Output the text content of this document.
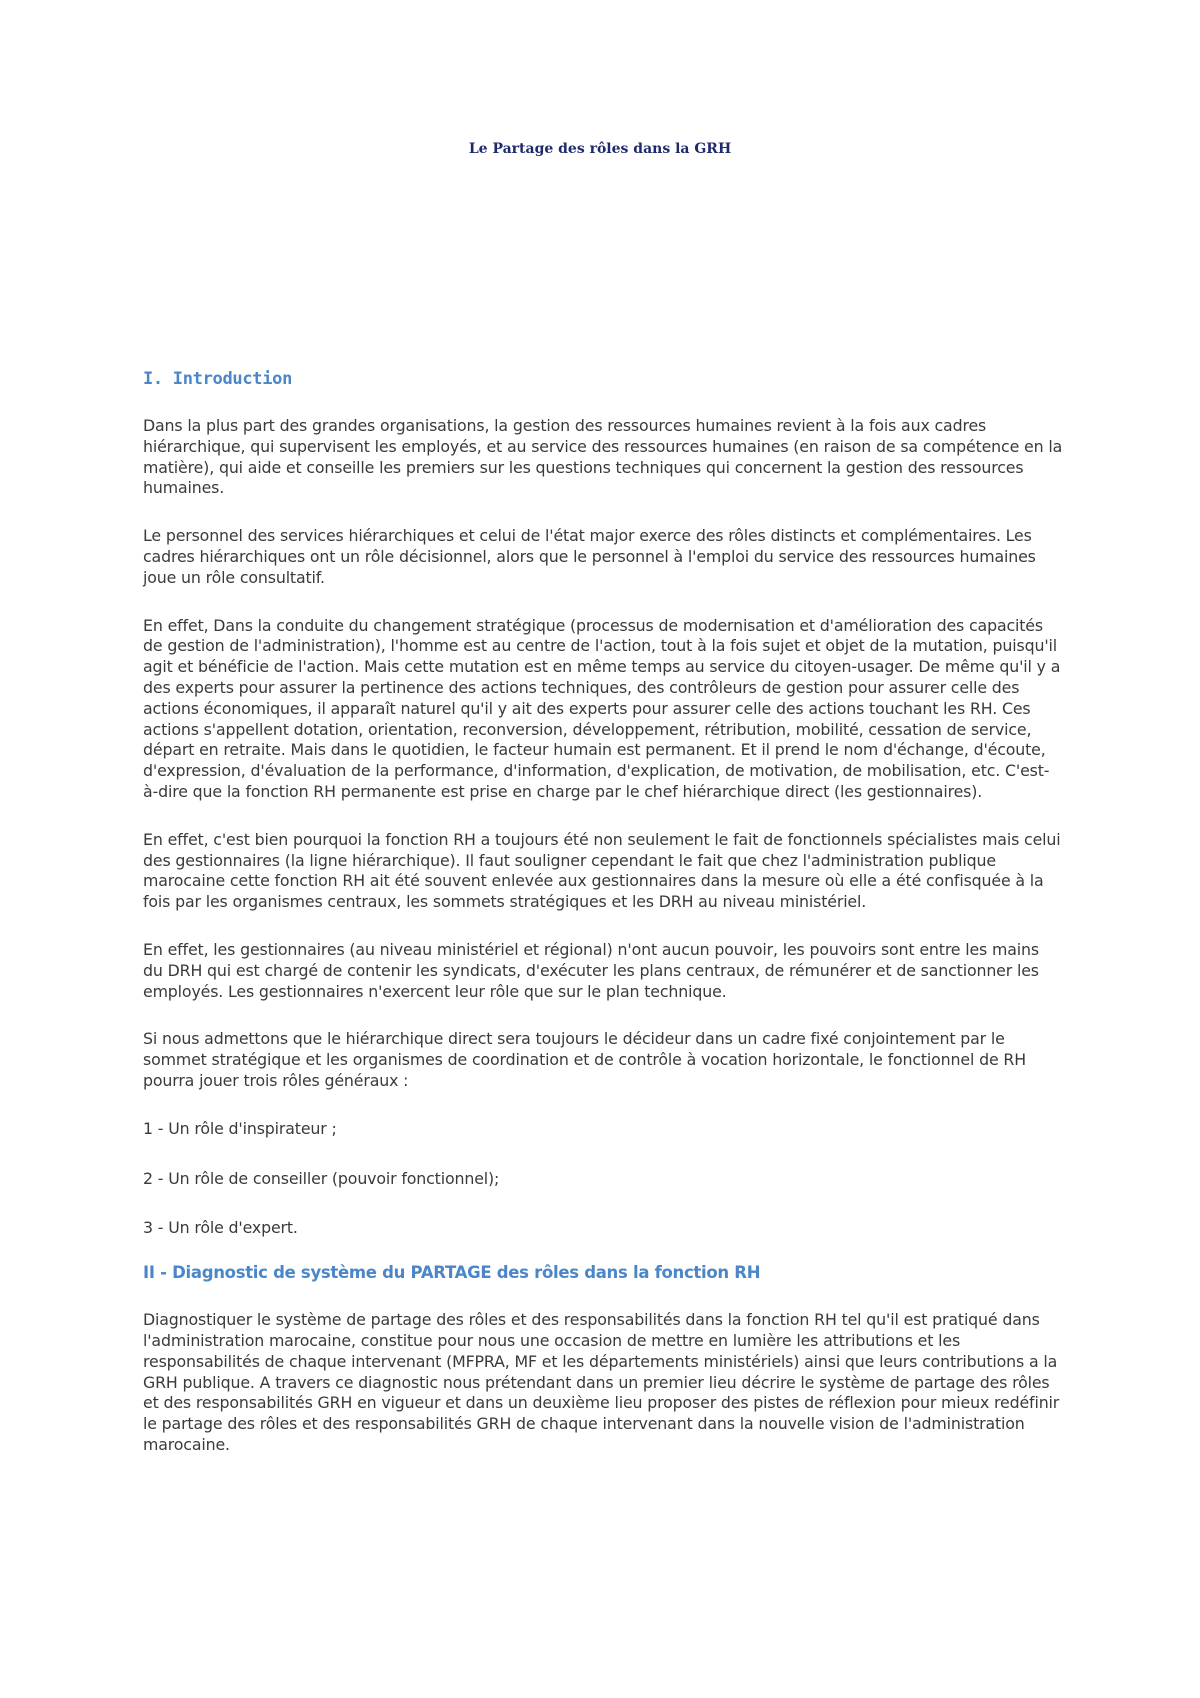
Le Partage des rôles dans la GRH
I. Introduction

Dans la plus part des grandes organisations, la gestion des ressources humaines revient à la fois aux cadres hiérarchique, qui supervisent les employés, et au service des ressources humaines (en raison de sa compétence en la matière), qui aide et conseille les premiers sur les questions techniques qui concernent la gestion des ressources humaines.

Le personnel des services hiérarchiques et celui de l'état major exerce des rôles distincts et complémentaires. Les cadres hiérarchiques ont un rôle décisionnel, alors que le personnel à l'emploi du service des ressources humaines joue un rôle consultatif.

En effet, Dans la conduite du changement stratégique (processus de modernisation et d'amélioration des capacités de gestion de l'administration), l'homme est au centre de l'action, tout à la fois sujet et objet de la mutation, puisqu'il agit et bénéficie de l'action. Mais cette mutation est en même temps au service du citoyen-usager. De même qu'il y a des experts pour assurer la pertinence des actions techniques, des contrôleurs de gestion pour assurer celle des actions économiques, il apparaît naturel qu'il y ait des experts pour assurer celle des actions touchant les RH. Ces actions s'appellent dotation, orientation, reconversion, développement, rétribution, mobilité, cessation de service, départ en retraite. Mais dans le quotidien, le facteur humain est permanent. Et il prend le nom d'échange, d'écoute, d'expression, d'évaluation de la performance, d'information, d'explication, de motivation, de mobilisation, etc. C'est-à-dire que la fonction RH permanente est prise en charge par le chef hiérarchique direct (les gestionnaires).

En effet, c'est bien pourquoi la fonction RH a toujours été non seulement le fait de fonctionnels spécialistes mais celui des gestionnaires (la ligne hiérarchique). Il faut souligner cependant le fait que chez l'administration publique marocaine cette fonction RH ait été souvent enlevée aux gestionnaires dans la mesure où elle a été confisquée à la fois par les organismes centraux, les sommets stratégiques et les DRH au niveau ministériel.

En effet, les gestionnaires (au niveau ministériel et régional) n'ont aucun pouvoir, les pouvoirs sont entre les mains du DRH qui est chargé de contenir les syndicats, d'exécuter les plans centraux, de rémunérer et de sanctionner les employés. Les gestionnaires n'exercent leur rôle que sur le plan technique.

Si nous admettons que le hiérarchique direct sera toujours le décideur dans un cadre fixé conjointement par le sommet stratégique et les organismes de coordination et de contrôle à vocation horizontale, le fonctionnel de RH pourra jouer trois rôles généraux :

1 - Un rôle d'inspirateur ;

2 - Un rôle de conseiller (pouvoir fonctionnel);

3 - Un rôle d'expert.

II - Diagnostic de système du PARTAGE des rôles dans la fonction RH

Diagnostiquer le système de partage des rôles et des responsabilités dans la fonction RH tel qu'il est pratiqué dans l'administration marocaine, constitue pour nous une occasion de mettre en lumière les attributions et les responsabilités de chaque intervenant (MFPRA, MF et les départements ministériels) ainsi que leurs contributions a la GRH publique. A travers ce diagnostic nous prétendant dans un premier lieu décrire le système de partage des rôles et des responsabilités GRH en vigueur et dans un deuxième lieu proposer des pistes de réflexion pour mieux redéfinir le partage des rôles et des responsabilités GRH de chaque intervenant dans la nouvelle vision de l'administration marocaine.
